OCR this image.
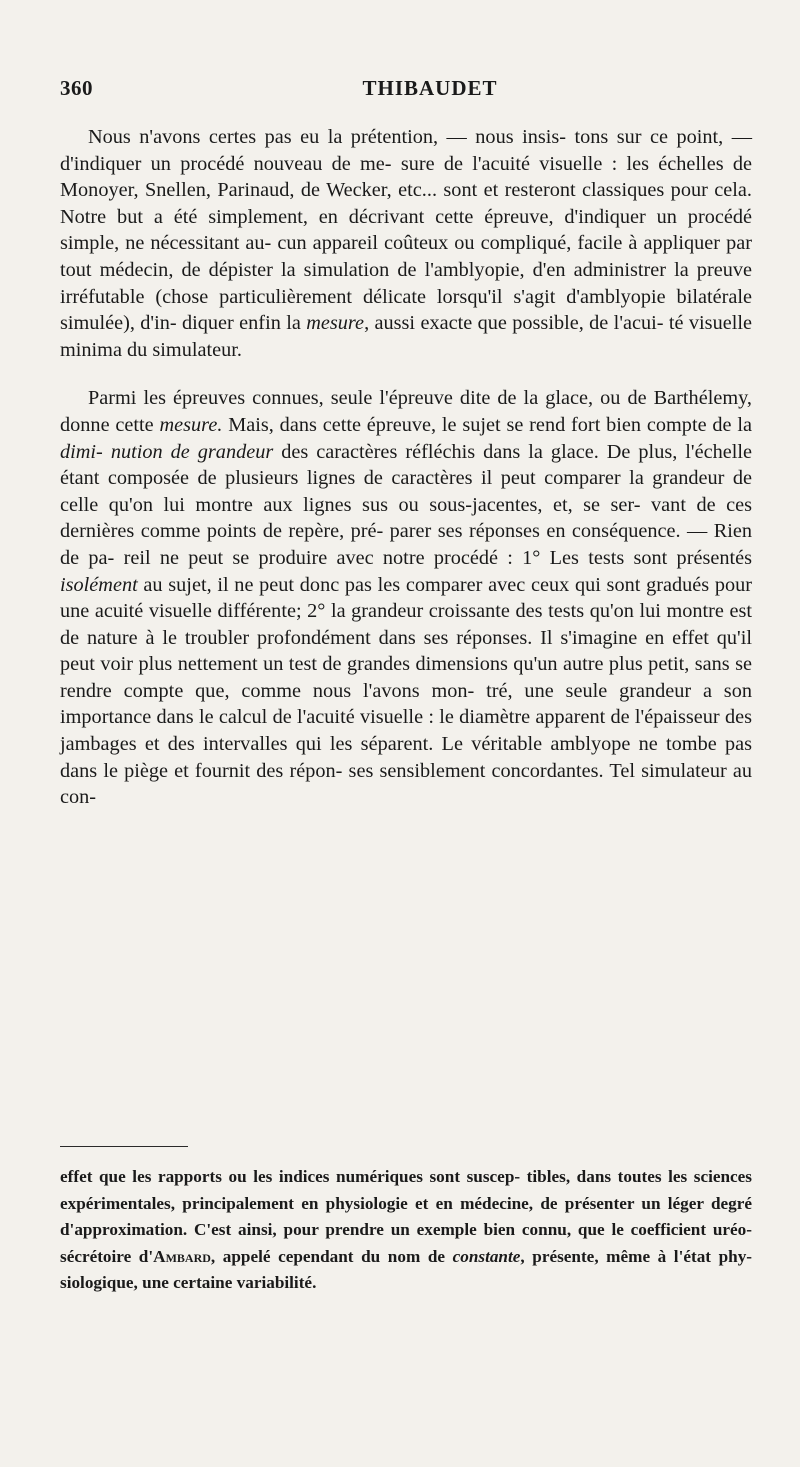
360	THIBAUDET

Nous n'avons certes pas eu la prétention, — nous insis- tons sur ce point, — d'indiquer un procédé nouveau de me- sure de l'acuité visuelle : les échelles de Monoyer, Snellen, Parinaud, de Wecker, etc... sont et resteront classiques pour cela. Notre but a été simplement, en décrivant cette épreuve, d'indiquer un procédé simple, ne nécessitant au- cun appareil coûteux ou compliqué, facile à appliquer par tout médecin, de dépister la simulation de l'amblyopie, d'en administrer la preuve irréfutable (chose particulièrement délicate lorsqu'il s'agit d'amblyopie bilatérale simulée), d'in- diquer enfin la mesure, aussi exacte que possible, de l'acui- té visuelle minima du simulateur.

Parmi les épreuves connues, seule l'épreuve dite de la glace, ou de Barthélemy, donne cette mesure. Mais, dans cette épreuve, le sujet se rend fort bien compte de la dimi- nution de grandeur des caractères réfléchis dans la glace. De plus, l'échelle étant composée de plusieurs lignes de caractères il peut comparer la grandeur de celle qu'on lui montre aux lignes sus ou sous-jacentes, et, se ser- vant de ces dernières comme points de repère, pré- parer ses réponses en conséquence. — Rien de pa- reil ne peut se produire avec notre procédé : 1° Les tests sont présentés isolément au sujet, il ne peut donc pas les comparer avec ceux qui sont gradués pour une acuité visuelle différente; 2° la grandeur croissante des tests qu'on lui montre est de nature à le troubler profondément dans ses réponses. Il s'imagine en effet qu'il peut voir plus nettement un test de grandes dimensions qu'un autre plus petit, sans se rendre compte que, comme nous l'avons mon- tré, une seule grandeur a son importance dans le calcul de l'acuité visuelle : le diamètre apparent de l'épaisseur des jambages et des intervalles qui les séparent. Le véritable amblyope ne tombe pas dans le piège et fournit des répon- ses sensiblement concordantes. Tel simulateur au con-

effet que les rapports ou les indices numériques sont suscep- tibles, dans toutes les sciences expérimentales, principalement en physiologie et en médecine, de présenter un léger degré d'approximation. C'est ainsi, pour prendre un exemple bien connu, que le coefficient uréo-sécrétoire d'Ambard, appelé cependant du nom de constante, présente, même à l'état phy- siologique, une certaine variabilité.
